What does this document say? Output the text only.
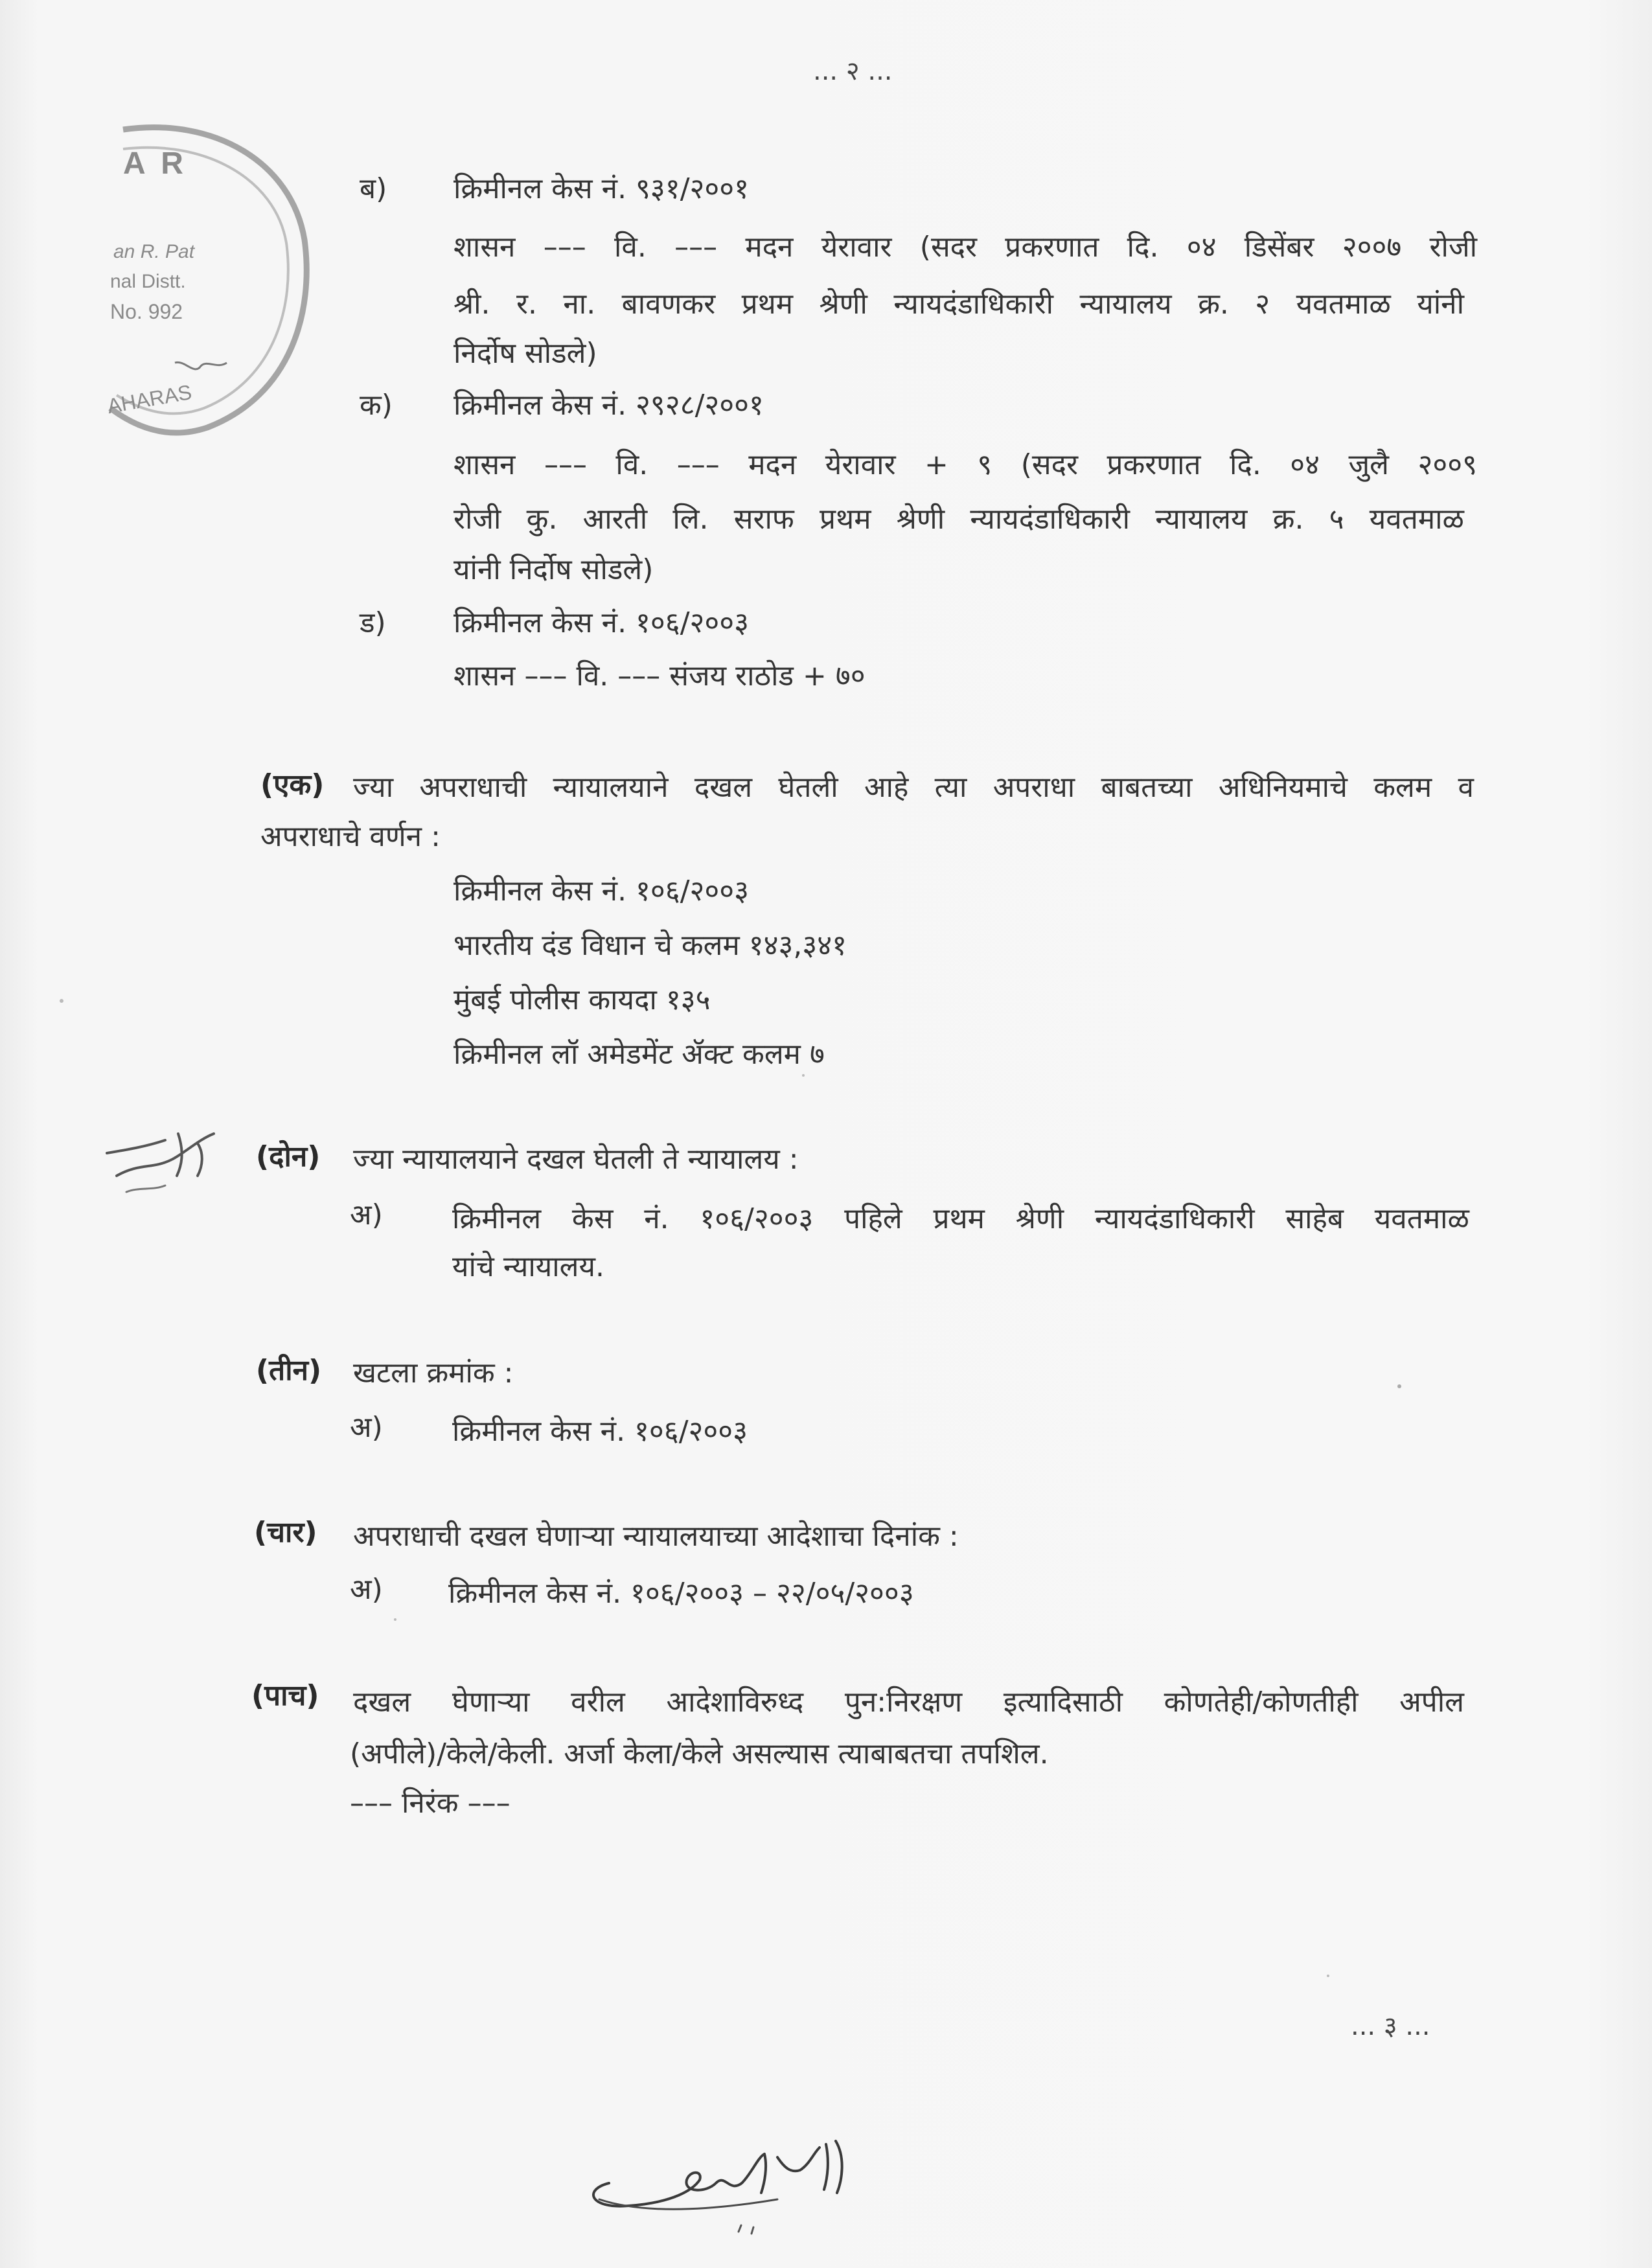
... २ ...
A R
an R. Pat
nal Distt.
No. 992
AHARAS
ब) क्रिमीनल केस नं. ९३१/२००१
शासन ––– वि. ––– मदन येरावार (सदर प्रकरणात दि. ०४ डिसेंबर २००७ रोजी
श्री. र. ना. बावणकर प्रथम श्रेणी न्यायदंडाधिकारी न्यायालय क्र. २ यवतमाळ यांनी
निर्दोष सोडले)
क) क्रिमीनल केस नं. २९२८/२००१
शासन ––– वि. ––– मदन येरावार + ९ (सदर प्रकरणात दि. ०४ जुलै २००९
रोजी कु. आरती लि. सराफ प्रथम श्रेणी न्यायदंडाधिकारी न्यायालय क्र. ५ यवतमाळ
यांनी निर्दोष सोडले)
ड) क्रिमीनल केस नं. १०६/२००३
शासन ––– वि. ––– संजय राठोड + ७०
(एक) ज्या अपराधाची न्यायालयाने दखल घेतली आहे त्या अपराधा बाबतच्या अधिनियमाचे कलम व
अपराधाचे वर्णन :
क्रिमीनल केस नं. १०६/२००३
भारतीय दंड विधान चे कलम १४३,३४१
मुंबई पोलीस कायदा १३५
क्रिमीनल लॉ अमेडमेंट ॲक्ट कलम ७
(दोन) ज्या न्यायालयाने दखल घेतली ते न्यायालय :
अ) क्रिमीनल केस नं. १०६/२००३ पहिले प्रथम श्रेणी न्यायदंडाधिकारी साहेब यवतमाळ
यांचे न्यायालय.
(तीन) खटला क्रमांक :
अ) क्रिमीनल केस नं. १०६/२००३
(चार) अपराधाची दखल घेणाऱ्या न्यायालयाच्या आदेशाचा दिनांक :
अ) क्रिमीनल केस नं. १०६/२००३ – २२/०५/२००३
(पाच) दखल घेणाऱ्या वरील आदेशाविरुध्द पुन:निरक्षण इत्यादिसाठी कोणतेही/कोणतीही अपील
(अपीले)/केले/केली. अर्जा केला/केले असल्यास त्याबाबतचा तपशिल.
––– निरंक –––
... ३ ...
